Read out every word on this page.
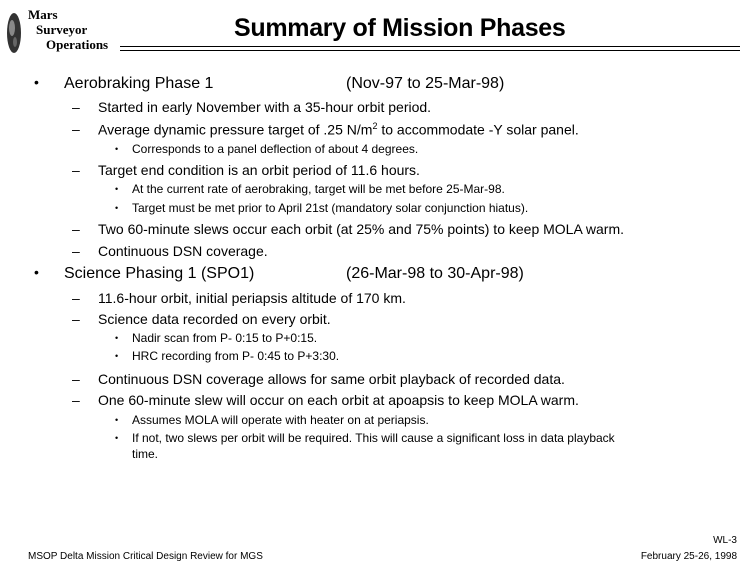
Mars
Surveyor
Operations
Summary of Mission Phases
• Aerobraking Phase 1	(Nov-97 to 25-Mar-98)
– Started in early November with a 35-hour orbit period.
– Average dynamic pressure target of .25 $N/m^2$ to accommodate -Y solar panel.
• Corresponds to a panel deflection of about 4 degrees.
– Target end condition is an orbit period of 11.6 hours.
• At the current rate of aerobraking, target will be met before 25-Mar-98.
• Target must be met prior to April 21st (mandatory solar conjunction hiatus).
– Two 60-minute slews occur each orbit (at 25% and 75% points) to keep MOLA warm.
– Continuous DSN coverage.
• Science Phasing 1 (SPO1)	(26-Mar-98 to 30-Apr-98)
– 11.6-hour orbit, initial periapsis altitude of 170 km.
– Science data recorded on every orbit.
• Nadir scan from P- 0:15 to P+0:15.
• HRC recording from P- 0:45 to P+3:30.
– Continuous DSN coverage allows for same orbit playback of recorded data.
– One 60-minute slew will occur on each orbit at apoapsis to keep MOLA warm.
• Assumes MOLA will operate with heater on at periapsis.
• If not, two slews per orbit will be required. This will cause a significant loss in data playback
time.
MSOP Delta Mission Critical Design Review for MGS
WL-3
February 25-26, 1998
